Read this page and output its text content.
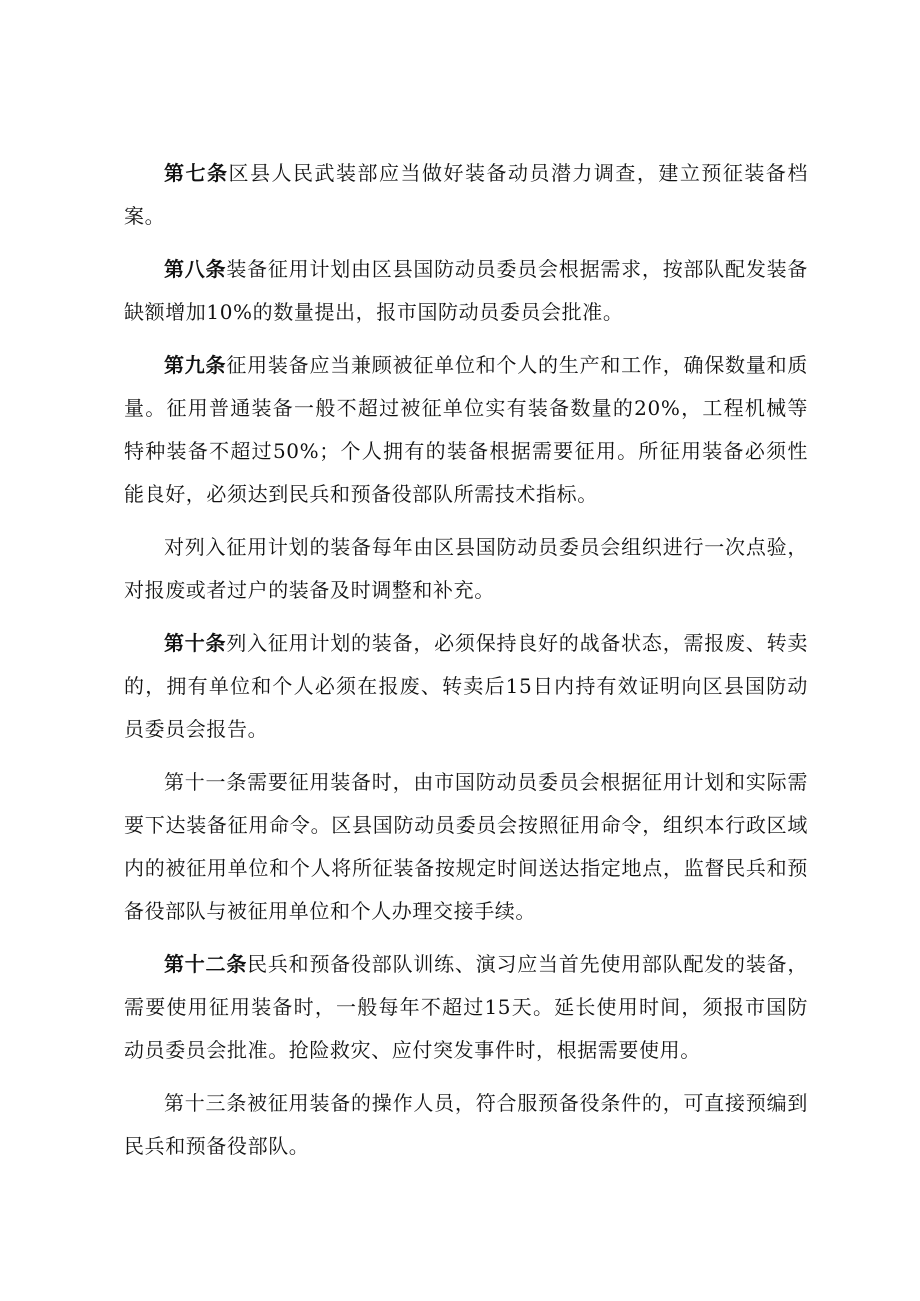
第七条区县人民武装部应当做好装备动员潜力调查，建立预征装备档案。

第八条装备征用计划由区县国防动员委员会根据需求，按部队配发装备缺额增加10%的数量提出，报市国防动员委员会批准。

第九条征用装备应当兼顾被征单位和个人的生产和工作，确保数量和质量。征用普通装备一般不超过被征单位实有装备数量的20%，工程机械等特种装备不超过50%；个人拥有的装备根据需要征用。所征用装备必须性能良好，必须达到民兵和预备役部队所需技术指标。

对列入征用计划的装备每年由区县国防动员委员会组织进行一次点验，对报废或者过户的装备及时调整和补充。

第十条列入征用计划的装备，必须保持良好的战备状态，需报废、转卖的，拥有单位和个人必须在报废、转卖后15日内持有效证明向区县国防动员委员会报告。

第十一条需要征用装备时，由市国防动员委员会根据征用计划和实际需要下达装备征用命令。区县国防动员委员会按照征用命令，组织本行政区域内的被征用单位和个人将所征装备按规定时间送达指定地点，监督民兵和预备役部队与被征用单位和个人办理交接手续。

第十二条民兵和预备役部队训练、演习应当首先使用部队配发的装备，需要使用征用装备时，一般每年不超过15天。延长使用时间，须报市国防动员委员会批准。抢险救灾、应付突发事件时，根据需要使用。

第十三条被征用装备的操作人员，符合服预备役条件的，可直接预编到民兵和预备役部队。
